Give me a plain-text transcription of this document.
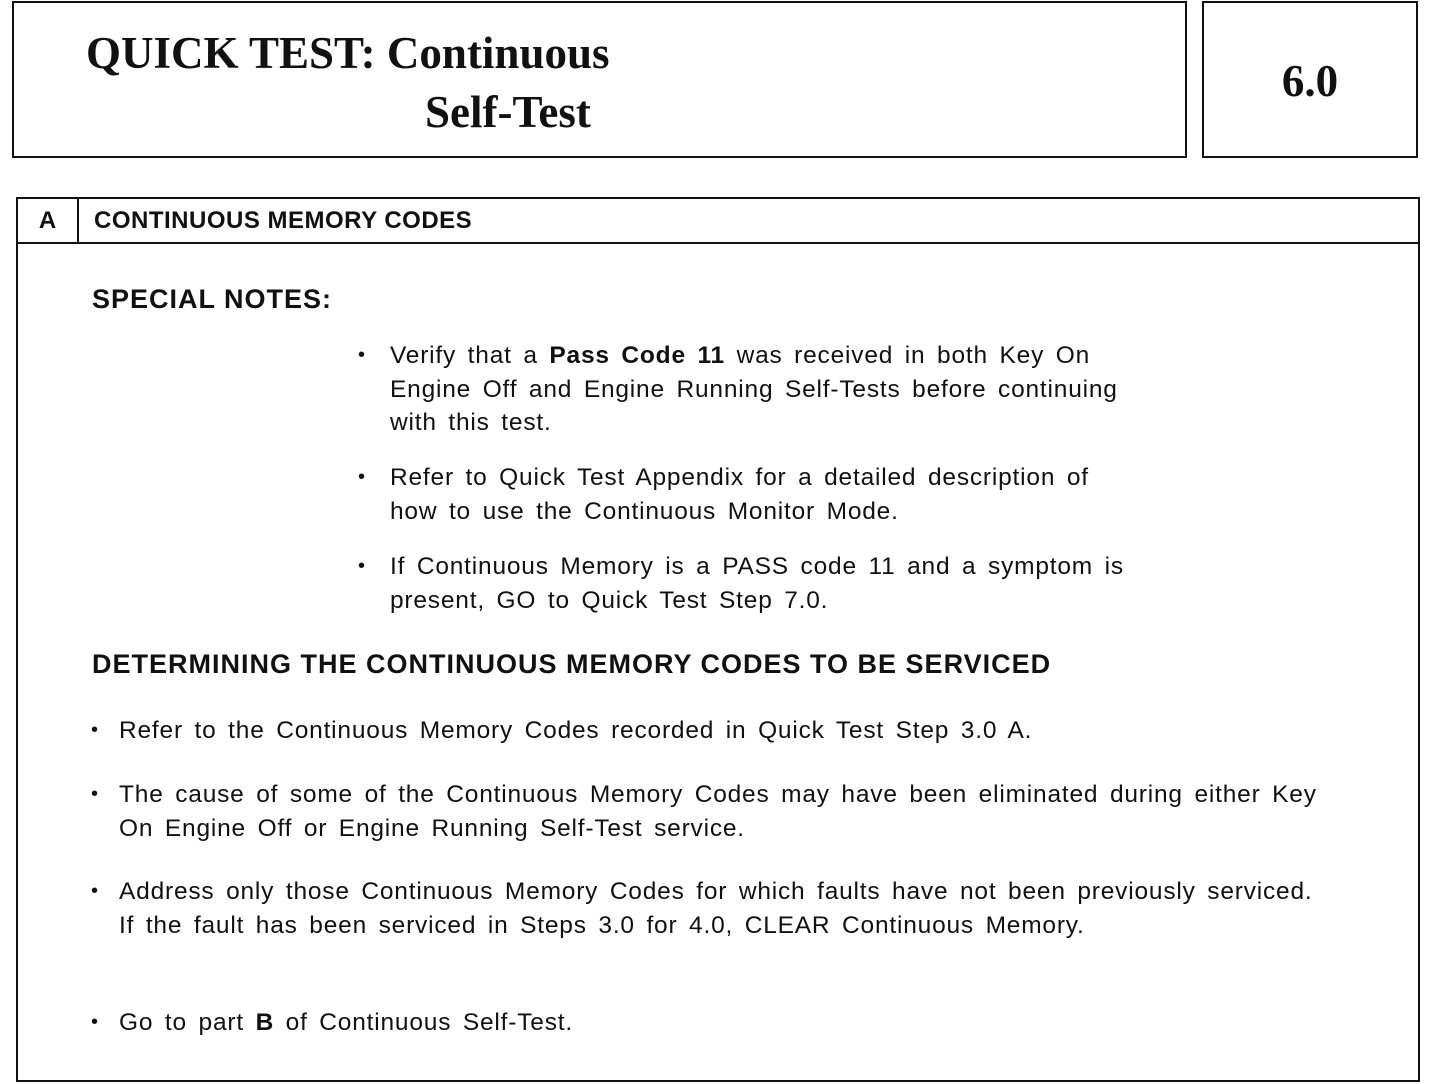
QUICK TEST: Continuous
Self-Test
6.0
A	CONTINUOUS MEMORY CODES
SPECIAL NOTES:
• Verify that a Pass Code 11 was received in both Key On Engine Off and Engine Running Self-Tests before continuing with this test.

• Refer to Quick Test Appendix for a detailed description of how to use the Continuous Monitor Mode.

• If Continuous Memory is a PASS code 11 and a symptom is present, GO to Quick Test Step 7.0.

DETERMINING THE CONTINUOUS MEMORY CODES TO BE SERVICED
• Refer to the Continuous Memory Codes recorded in Quick Test Step 3.0 A.

• The cause of some of the Continuous Memory Codes may have been eliminated during either Key On Engine Off or Engine Running Self-Test service.

• Address only those Continuous Memory Codes for which faults have not been previously serviced. If the fault has been serviced in Steps 3.0 for 4.0, CLEAR Continuous Memory.

• Go to part B of Continuous Self-Test.
